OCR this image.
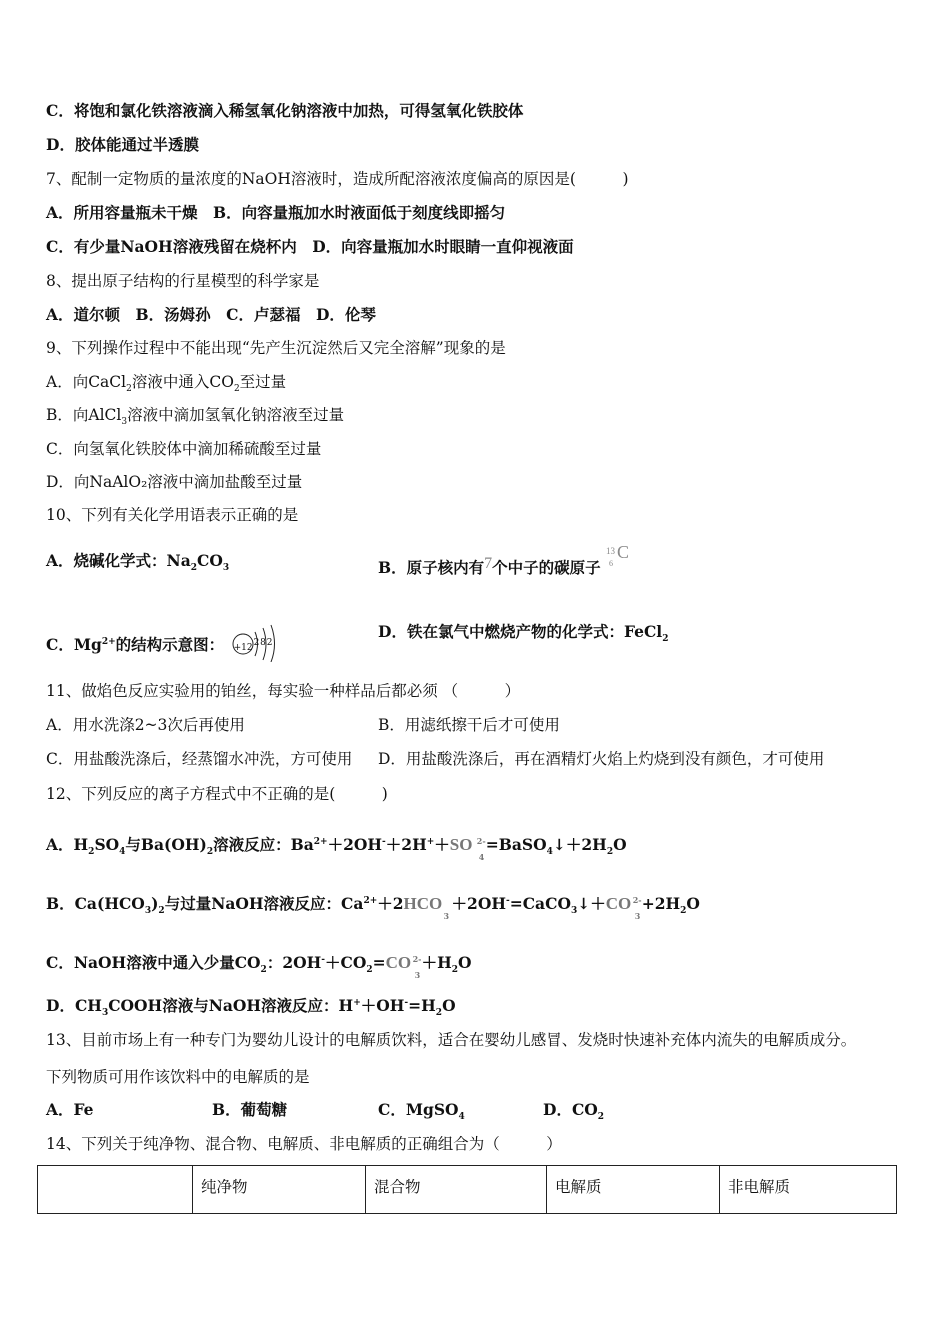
C．将饱和氯化铁溶液滴入稀氢氧化钠溶液中加热，可得氢氧化铁胶体
D．胶体能通过半透膜
7、配制一定物质的量浓度的NaOH溶液时，造成所配溶液浓度偏高的原因是(　　　)
A．所用容量瓶未干燥　B．向容量瓶加水时液面低于刻度线即摇匀
C．有少量NaOH溶液残留在烧杯内　D．向容量瓶加水时眼睛一直仰视液面
8、提出原子结构的行星模型的科学家是
A．道尔顿　B．汤姆孙　C．卢瑟福　D．伦琴
9、下列操作过程中不能出现“先产生沉淀然后又完全溶解”现象的是
A．向CaCl$_2$溶液中通入$CO_2$至过量
B．向AlCl$_3$溶液中滴加氢氧化钠溶液至过量
C．向氢氧化铁胶体中滴加稀硫酸至过量
D．向NaAlO₂溶液中滴加盐酸至过量
10、下列有关化学用语表示正确的是
A．烧碱化学式：$Na_2CO_3$	B．原子核内有7个中子的碳原子
13
6
C
C．$Mg^{2+}$的结构示意图： +12 2 8 2
D．铁在氯气中燃烧产物的化学式：FeCl$_2$
11、做焰色反应实验用的铂丝，每实验一种样品后都必须 （　　　）
A．用水洗涤2~3次后再使用	B．用滤纸擦干后才可使用
C．用盐酸洗涤后，经蒸馏水冲洗，方可使用 D．用盐酸洗涤后，再在酒精灯火焰上灼烧到没有颜色，才可使用
12、下列反应的离子方程式中不正确的是(　　　)
A．$H_2SO_4$与$Ba(OH)_2$溶液反应：$Ba^{2+}+2OH^-+2H^++$ SO 2-
4
$=BaSO_4↓+2H_2O$
B．$Ca(HCO_3)_2$与过量NaOH溶液反应：$Ca^{2+}+2$ HCO
3
＋2OH-=CaCO$_3$↓＋ CO 2-
3
$+2H_2O$
C．NaOH溶液中通入少量$CO_2$：$2OH^-+CO_2=$ CO 2-
3
$+H_2O$
D．$CH_3COOH$溶液与NaOH溶液反应：$H^++OH^-=H_2O$
13、目前市场上有一种专门为婴幼儿设计的电解质饮料，适合在婴幼儿感冒、发烧时快速补充体内流失的电解质成分。
下列物质可用作该饮料中的电解质的是
A．Fe	B．葡萄糖	C．MgSO$_4$	D．$CO_2$
14、下列关于纯净物、混合物、电解质、非电解质的正确组合为（　　　）
	纯净物	混合物	电解质	非电解质
